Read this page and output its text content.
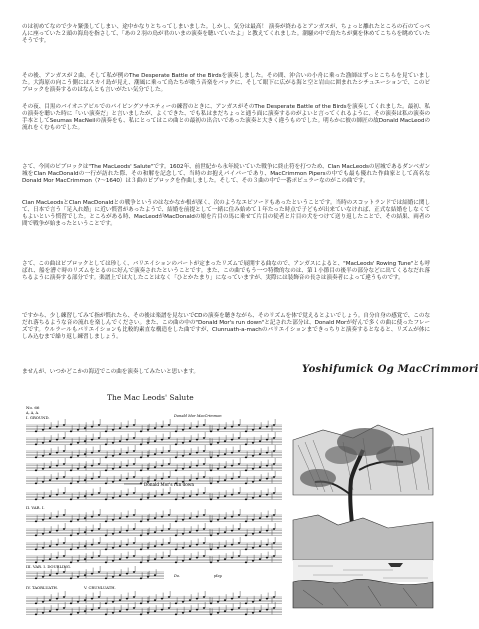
のは初めてなので少々緊張してしまい、途中かなりとちってしまいました。しかし、気分は最高！ 演奏が終わるとアンガスが、ちょっと離れたところの石のてっぺんに座っていた２頭の海鳥を指さして、「あの２羽の鳥が君のいまの演奏を聴いていたよ」と教えてくれました。潮騒の中で鳥たちが翼を休めてこちらを眺めていたそうです。

その後、アンガスが２曲、そして私が例のThe Desperate Battle of the Birdsを演奏しました。その間、沖合いの小舟に乗った漁師はずっとこちらを見ていました。大海原の向こう側にはスカイ島が見え、潮風に乗って鳥たちが歌う音楽をバックに、そして眼下に広がる海と空と岩山に囲まれたシチュエーションで、このピブロックを演奏するのはなんとも言いがたい気分でした。

その夜、目黒のバイオニアビルでのパイピングソサエティーの練習のときに、アンガスがそのThe Desperate Battle of the Birdsを演奏してくれました。最初、私の演奏を聴いた時に「いい演奏だ」と言いましたが、よくできた、でも私はまだちょっと通う面に演奏するのがよいと言ってくれるように、その演奏は私の演奏の手本としてSeumas MacNeilの演奏をも、私にとってはこの曲との最初の出合いであった演奏と大きく違うものでした。明らかに彼の師匠の故Donald MacLeodの流れをくむものでした。

さて、今回のピブロックは"The MacLeods' Salute"です。1602年、前世紀から永年続いていた戦争に終止符を打つため、Clan MacLeodsの居城であるダンベガン城をClan MacDonaldの一行が訪れた際、その和解を記念して、当時のお抱えパイパーであり、MacCrimmon Pipersの中でも最も優れた作曲家として高名なDonald Mor MacCrimmon（?〜1640）は３曲のピブロックを作曲しました。そして、その３曲の中で一番ポピュラーなのがこの曲です。

Clan MacLeodsとClan MacDonaldとの戦争というのはなかなか根が深く、次のようなエピソードもあったということです。当時のスコットランドでは結婚に関して、日本で言う「足入れ婚」に近い慣習があったようで、結婚を前提として一緒に住み始めて１年たった時点で子どもが出来ていなければ、正式な結婚をしなくてもよいという慣習でした。ところがある時、MacLeodがMacDonaldの娘を片目の馬に乗せて片目の従者と片目の犬をつけて送り返したことで、その結果、両者の間で戦争が始まったということです。

さて、この曲はピブロックとしては珍しく、バリエイションのパートが定まったリズムで展開する曲なので、アンガスによると、"MacLeods' Rowing Tune"とも呼ばれ、船を漕ぐ時のリズムをとるのに好んで演奏されたということです。また、この曲でもう一つ特徴的なのは、第１小節目の後半の部分などに出てくるなだれ落ちるように演奏する部分です。楽譜上では大したことはなく「ひとかたまり」になっていますが、実際には装飾音の長さは演奏者によって違うものです。

ですから、少し練習してみて指が慣れたら、その後は楽譜を見ないでCDの演奏を聴きながら、そのリズムを体で覚えるとよいでしょう。自分自身の感覚で、このなだれ落ちるような音の流れを楽しんでください。また、この曲の中の"Donald Mor's run down"と記された部分は、Donald Morが好んで多くの曲に使ったフレーズです。ウルラールもバリエイションも比較的素直な構造をした曲ですが、Clunruath-a-machのバリエイションまできっちりと演奏するとなると、リズムが体にしみ込むまで繰り返し練習しましょう。

ませんが、いつかどこかの海辺でこの曲を演奏してみたいと思います。	Yoshifumick Og MacCrimmori
The Mac Leods' Salute
No. 66
A, A, A.
Donald Mor MacCrimmon
I. GROUND.
Donald Mor's run down
II. VAR. I.
III. VAR. I. DOUBLING.
Do.	play.
IV. TAORLUATH.	V. CRUNLUATH.
